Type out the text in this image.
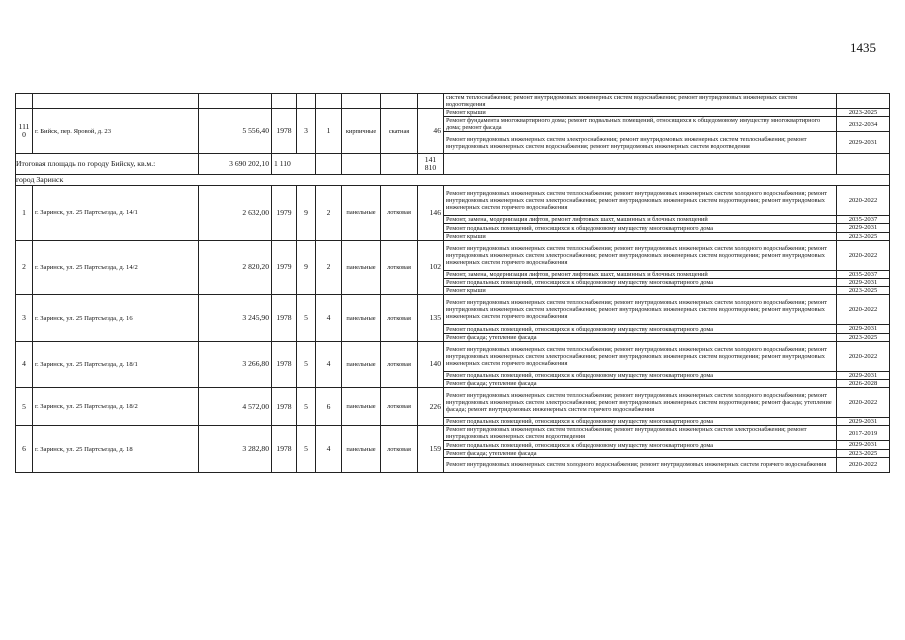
1435
									систем теплоснабжения; ремонт внутридомовых инженерных систем водоснабжения; ремонт внутридомовых инженерных систем водоотведения	
111 0	г. Бийск, пер. Яровой, д. 23	5 556,40	1978	3	1	кирпичные	скатная	46	Ремонт крыши	2023-2025
									Ремонт фундамента многоквартирного дома; ремонт подвальных помещений, относящихся к общедомовому имуществу многоквартирного дома; ремонт фасада	2032-2034
									Ремонт внутридомовых инженерных систем электроснабжения; ремонт внутридомовых инженерных систем теплоснабжения; ремонт внутридомовых инженерных систем водоснабжения; ремонт внутридомовых инженерных систем водоотведения	2029-2031
Итоговая площадь по городу Бийску, кв.м.:		3 690 202,10	1 110					141 810		
город Заринск										
1	г. Заринск, ул. 25 Партсъезда, д. 14/1	2 632,00	1979	9	2	панельные	лотковая	146	Ремонт внутридомовых инженерных систем теплоснабжения; ремонт внутридомовых инженерных систем холодного водоснабжения; ремонт внутридомовых инженерных систем электроснабжения; ремонт внутридомовых инженерных систем водоотведения; ремонт внутридомовых инженерных систем горячего водоснабжения	2020-2022
									Ремонт, замена, модернизация лифтов, ремонт лифтовых шахт, машинных и блочных помещений	2035-2037
									Ремонт подвальных помещений, относящихся к общедомовому имуществу многоквартирного дома	2029-2031
									Ремонт крыши	2023-2025
2	г. Заринск, ул. 25 Партсъезда, д. 14/2	2 820,20	1979	9	2	панельные	лотковая	102	Ремонт внутридомовых инженерных систем теплоснабжения; ремонт внутридомовых инженерных систем холодного водоснабжения; ремонт внутридомовых инженерных систем электроснабжения; ремонт внутридомовых инженерных систем водоотведения; ремонт внутридомовых инженерных систем горячего водоснабжения	2020-2022
									Ремонт, замена, модернизация лифтов, ремонт лифтовых шахт, машинных и блочных помещений	2035-2037
									Ремонт подвальных помещений, относящихся к общедомовому имуществу многоквартирного дома	2029-2031
									Ремонт крыши	2023-2025
3	г. Заринск, ул. 25 Партсъезда, д. 16	3 245,90	1978	5	4	панельные	лотковая	135	Ремонт внутридомовых инженерных систем теплоснабжения; ремонт внутридомовых инженерных систем холодного водоснабжения; ремонт внутридомовых инженерных систем электроснабжения; ремонт внутридомовых инженерных систем водоотведения; ремонт внутридомовых инженерных систем горячего водоснабжения	2020-2022
									Ремонт подвальных помещений, относящихся к общедомовому имуществу многоквартирного дома	2029-2031
									Ремонт фасада; утепление фасада	2023-2025
4	г. Заринск, ул. 25 Партсъезда, д. 18/1	3 266,80	1978	5	4	панельные	лотковая	140	Ремонт внутридомовых инженерных систем теплоснабжения; ремонт внутридомовых инженерных систем холодного водоснабжения; ремонт внутридомовых инженерных систем электроснабжения; ремонт внутридомовых инженерных систем водоотведения; ремонт внутридомовых инженерных систем горячего водоснабжения	2020-2022
									Ремонт подвальных помещений, относящихся к общедомовому имуществу многоквартирного дома	2029-2031
									Ремонт фасада; утепление фасада	2026-2028
5	г. Заринск, ул. 25 Партсъезда, д. 18/2	4 572,00	1978	5	6	панельные	лотковая	226	Ремонт внутридомовых инженерных систем теплоснабжения; ремонт внутридомовых инженерных систем холодного водоснабжения; ремонт внутридомовых инженерных систем электроснабжения; ремонт внутридомовых инженерных систем водоотведения; ремонт фасада; утепление фасада; ремонт внутридомовых инженерных систем горячего водоснабжения	2020-2022
									Ремонт подвальных помещений, относящихся к общедомовому имуществу многоквартирного дома	2029-2031
6	г. Заринск, ул. 25 Партсъезда, д. 18	3 282,80	1978	5	4	панельные	лотковая	159	Ремонт внутридомовых инженерных систем теплоснабжения; ремонт внутридомовых инженерных систем электроснабжения; ремонт внутридомовых инженерных систем водоотведения	2017-2019
									Ремонт подвальных помещений, относящихся к общедомовому имуществу многоквартирного дома	2029-2031
									Ремонт фасада; утепление фасада	2023-2025
									Ремонт внутридомовых инженерных систем холодного водоснабжения; ремонт внутридомовых инженерных систем горячего водоснабжения	2020-2022
